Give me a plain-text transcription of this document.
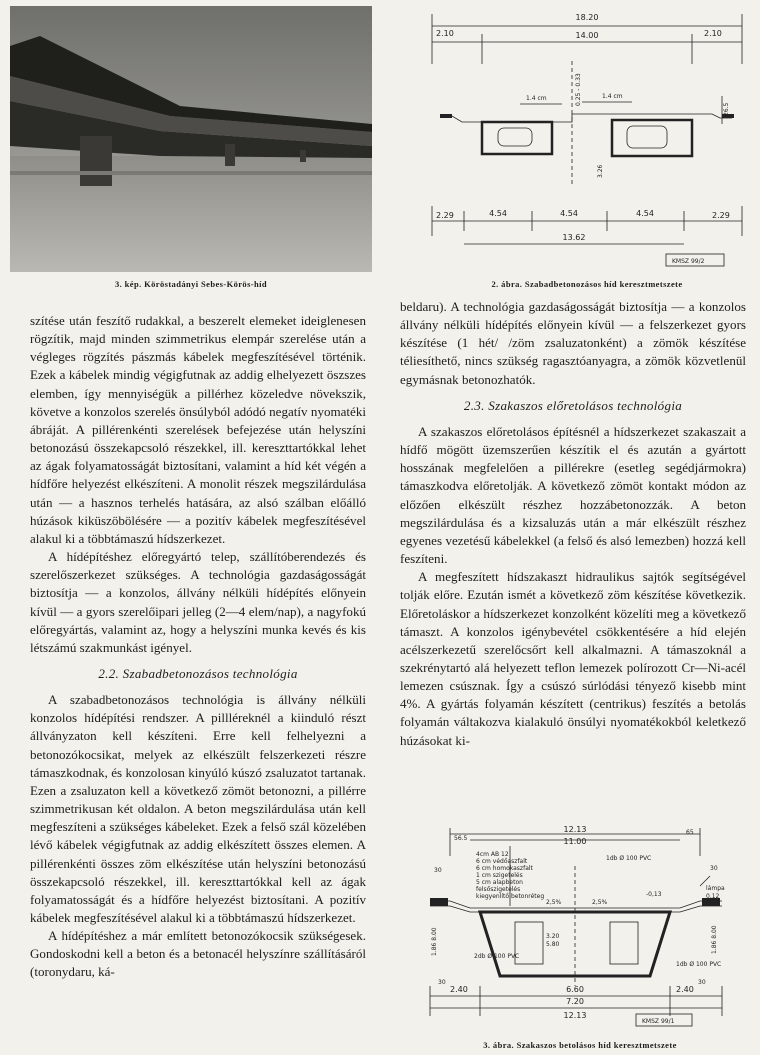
3. kép. Köröstadányi Sebes-Körös-híd
18.20
14.00
2.10	2.10
0.25 - 0.33
1.4 cm	1.4 cm
26.5
3.26
2.29	4.54	4.54	4.54	2.29
13.62
KMSZ 99/2
2. ábra. Szabadbetonozásos híd keresztmetszete

szítése után feszítő rudakkal, a beszerelt elemeket ideiglenesen rögzítik, majd minden szimmetrikus elempár szerelése után a végleges rögzítés pászmás kábelek megfeszítésével történik. Ezek a kábelek mindig végigfutnak az addig elhelyezett öszszes elemben, így mennyiségük a pillérhez közeledve növekszik, követve a konzolos szerelés önsúlyból adódó negatív nyomatéki ábráját. A pillérenkénti szerelések befejezése után helyszíni betonozású összekapcsoló részekkel, ill. kereszttartókkal lehet az ágak folyamatosságát biztosítani, valamint a híd két végén a hídfőre helyezést elkészíteni. A monolit részek megszilárdulása után — a hasznos terhelés hatására, az alsó szálban előálló húzások kiküszöbölésére — a pozitív kábelek megfeszítésével alakul ki a többtámaszú hídszerkezet.

A hídépítéshez előregyártó telep, szállítóberendezés és szerelőszerkezet szükséges. A technológia gazdaságosságát biztosítja — a konzolos, állvány nélküli hídépítés előnyein kívül — a gyors szerelőipari jelleg (2—4 elem/nap), a nagyfokú előregyártás, valamint az, hogy a helyszíni munka kevés és kis létszámú szakmunkást igényel.

2.2. Szabadbetonozásos technológia

A szabadbetonozásos technológia is állvány nélküli konzolos hídépítési rendszer. A pillléreknél a kiinduló részt állványzaton kell készíteni. Erre kell felhelyezni a betonozókocsikat, melyek az elkészült felszerkezeti részre támaszkodnak, és konzolosan kinyúló kúszó zsaluzatot tartanak. Ezen a zsaluzaton kell a következő zömöt betonozni, a pillérre szimmetrikusan két oldalon. A beton megszilárdulása után kell megfeszíteni a szükséges kábeleket. Ezek a felső szál közelében lévő kábelek végigfutnak az addig elkészített összes elemen. A pillérenkénti összes zöm elkészítése után helyszíni betonozású összekapcsoló részekkel, ill. kereszttartókkal kell az ágak folyamatosságát és a hídfőre helyezést biztosítani. A pozitív kábelek megfeszítésével alakul ki a többtámaszú hídszerkezet.

A hídépítéshez a már említett betonozókocsik szükségesek. Gondoskodni kell a beton és a betonacél helyszínre szállításáról (toronydaru, ká-

beldaru). A technológia gazdaságosságát biztosítja — a konzolos állvány nélküli hídépítés előnyein kívül — a felszerkezet gyors készítése (1 hét/ /zöm zsaluzatonként) a zömök készítése téliesíthető, nincs szükség ragasztóanyagra, a zömök közvetlenül egymásnak betonozhatók.

2.3. Szakaszos előretolásos technológia

A szakaszos előretolásos építésnél a hídszerkezet szakaszait a hídfő mögött üzemszerűen készítik el és azután a gyártott hosszának megfelelően a pillérekre (esetleg segédjármokra) támaszkodva előretolják. A következő zömöt kontakt módon az előzően elkészült részhez hozzábetonozzák. A beton megszilárdulása és a kizsaluzás után a már elkészült részhez egyenes vezetésű kábelekkel (a felső és alsó lemezben) hozzá kell feszíteni.

A megfeszített hídszakaszt hidraulikus sajtók segítségével tolják előre. Ezután ismét a következő zöm készítése következik. Előretoláskor a hídszerkezet konzolként közelíti meg a következő támaszt. A konzolos igénybevétel csökkentésére a híd elején acélszerkezetű szerelőcsőrt kell alkalmazni. A támaszoknál a szekrénytartó alá helyezett teflon lemezek polírozott Cr—Ni-acél lemezen csúsznak. Így a csúszó súrlódási tényező kisebb mint 4%. A gyártás folyamán készített (centrikus) feszítés a betolás folyamán váltakozva kialakuló önsúlyi nyomatékokból keletkező húzásokat ki-

12.13
11.00
56.5
65
30	30
4cm AB 12
6 cm védőaszfalt
6 cm homokaszfalt
1 cm szigetelés
5 cm alapbeton
felsőszigetelés
kiegyenlítő betonréteg
1db Ø 100 PVC
2db Ø 100 PVC
1db Ø 100 PVC
lámpa
2,5%	2,5%
-0,13	0,12
1.86 8.00	1.86 8.00
3.20
5.80
30	30
2.40	6.60	2.40
7.20
12.13
KMSZ 99/1
3. ábra. Szakaszos betolásos híd keresztmetszete
